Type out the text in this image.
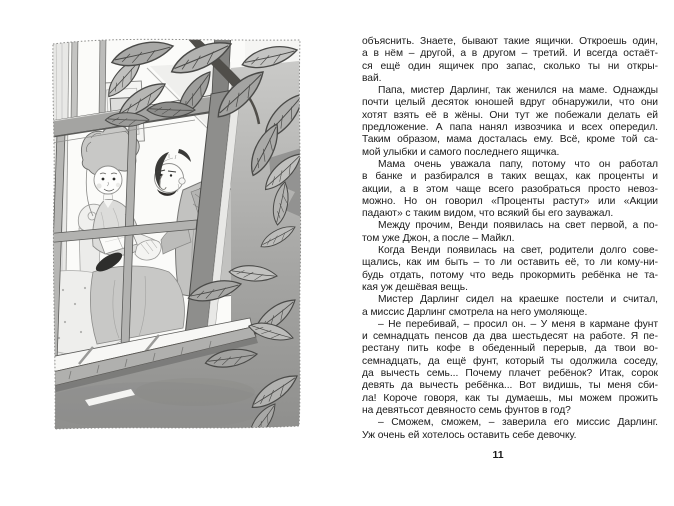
объяснить. Знаете, бывают такие ящички. Откроешь один,
а в нём – другой, а в другом – третий. И всегда остаёт-
ся ещё один ящичек про запас, сколько ты ни откры-
вай.
Папа, мистер Дарлинг, так женился на маме. Однажды
почти целый десяток юношей вдруг обнаружили, что они
хотят взять её в жёны. Они тут же побежали делать ей
предложение. А папа нанял извозчика и всех опередил.
Таким образом, мама досталась ему. Всё, кроме той са-
мой улыбки и самого последнего ящичка.
Мама очень уважала папу, потому что он работал
в банке и разбирался в таких вещах, как проценты и
акции, а в этом чаще всего разобраться просто невоз-
можно. Но он говорил «Проценты растут» или «Акции
падают» с таким видом, что всякий бы его зауважал.
Между прочим, Венди появилась на свет первой, а по-
том уже Джон, а после – Майкл.
Когда Венди появилась на свет, родители долго сове-
щались, как им быть – то ли оставить её, то ли кому-ни-
будь отдать, потому что ведь прокормить ребёнка не та-
кая уж дешёвая вещь.
Мистер Дарлинг сидел на краешке постели и считал,
а миссис Дарлинг смотрела на него умоляюще.
– Не перебивай, – просил он. – У меня в кармане фунт
и семнадцать пенсов да два шестьдесят на работе. Я пе-
рестану пить кофе в обеденный перерыв, да твои во-
семнадцать, да ещё фунт, который ты одолжила соседу,
да вычесть семь... Почему плачет ребёнок? Итак, сорок
девять да вычесть ребёнка... Вот видишь, ты меня сби-
ла! Короче говоря, как ты думаешь, мы можем прожить
на девятьсот девяносто семь фунтов в год?
– Сможем, сможем, – заверила его миссис Дарлинг.
Уж очень ей хотелось оставить себе девочку.
11
